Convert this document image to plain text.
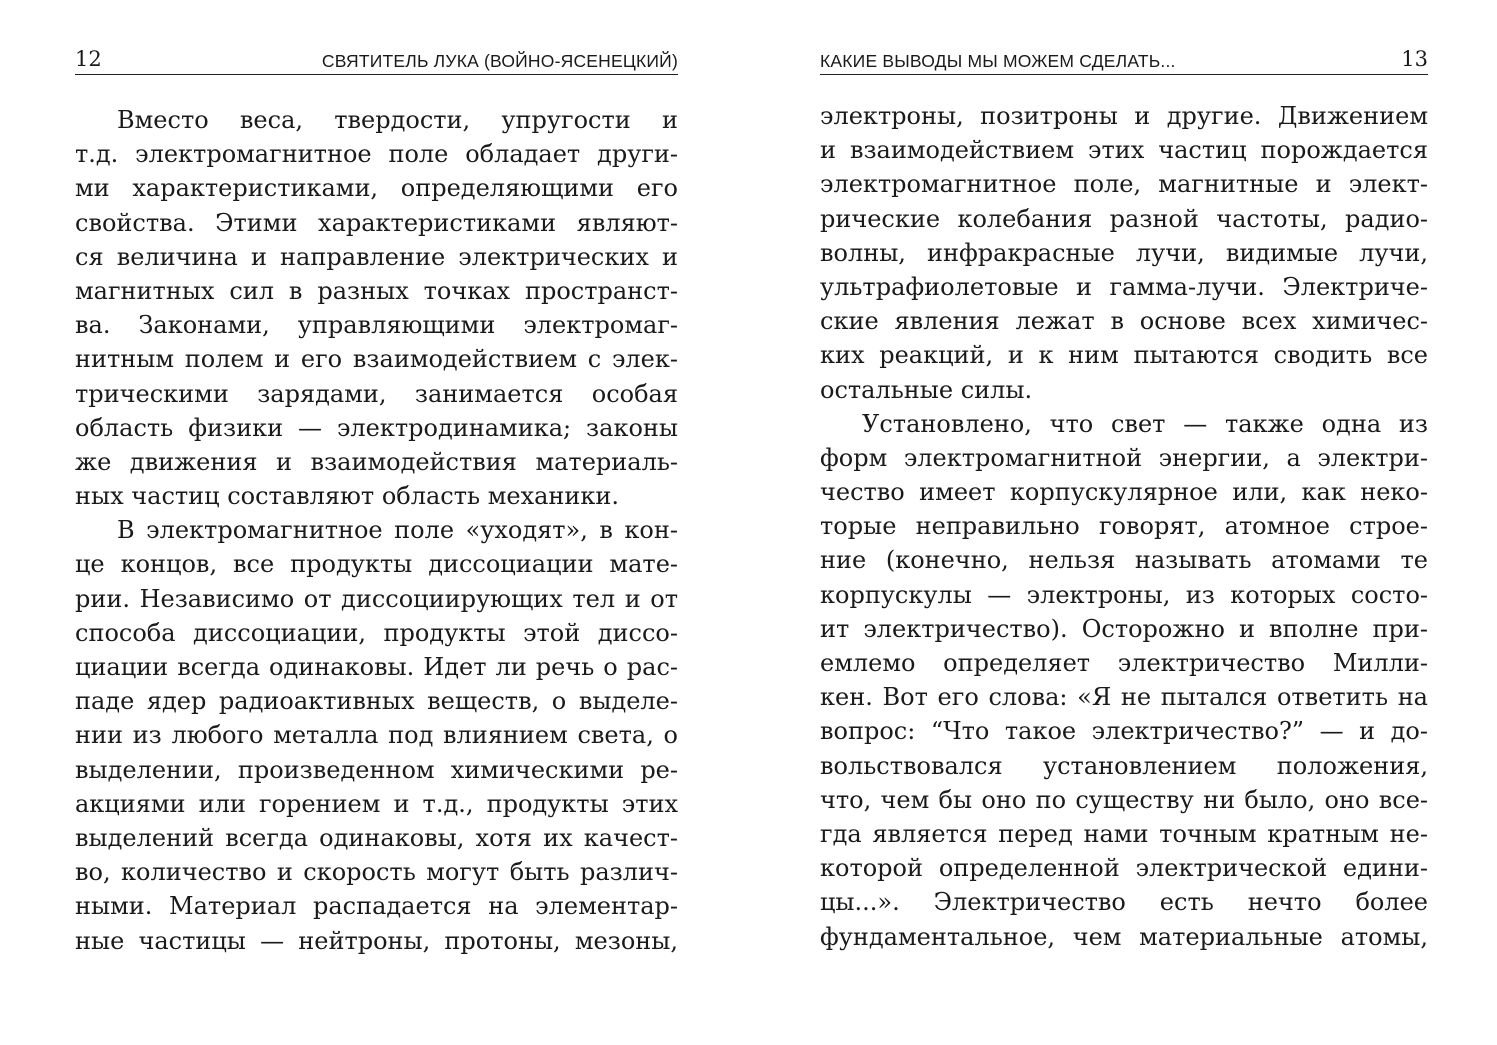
12	СВЯТИТЕЛЬ ЛУКА (ВОЙНО-ЯСЕНЕЦКИЙ)
Вместо веса, твердости, упругости и
т.д. электромагнитное поле обладает други-
ми характеристиками, определяющими его
свойства. Этими характеристиками являют-
ся величина и направление электрических и
магнитных сил в разных точках пространст-
ва. Законами, управляющими электромаг-
нитным полем и его взаимодействием с элек-
трическими зарядами, занимается особая
область физики — электродинамика; законы
же движения и взаимодействия материаль-
ных частиц составляют область механики.
В электромагнитное поле «уходят», в кон-
це концов, все продукты диссоциации мате-
рии. Независимо от диссоциирующих тел и от
способа диссоциации, продукты этой диссо-
циации всегда одинаковы. Идет ли речь о рас-
паде ядер радиоактивных веществ, о выделе-
нии из любого металла под влиянием света, о
выделении, произведенном химическими ре-
акциями или горением и т.д., продукты этих
выделений всегда одинаковы, хотя их качест-
во, количество и скорость могут быть различ-
ными. Материал распадается на элементар-
ные частицы — нейтроны, протоны, мезоны,
КАКИЕ ВЫВОДЫ МЫ МОЖЕМ СДЕЛАТЬ...	13
электроны, позитроны и другие. Движением
и взаимодействием этих частиц порождается
электромагнитное поле, магнитные и элект-
рические колебания разной частоты, радио-
волны, инфракрасные лучи, видимые лучи,
ультрафиолетовые и гамма-лучи. Электриче-
ские явления лежат в основе всех химичес-
ких реакций, и к ним пытаются сводить все
остальные силы.
Установлено, что свет — также одна из
форм электромагнитной энергии, а электри-
чество имеет корпускулярное или, как неко-
торые неправильно говорят, атомное строе-
ние (конечно, нельзя называть атомами те
корпускулы — электроны, из которых состо-
ит электричество). Осторожно и вполне при-
емлемо определяет электричество Милли-
кен. Вот его слова: «Я не пытался ответить на
вопрос: “Что такое электричество?” — и до-
вольствовался установлением положения,
что, чем бы оно по существу ни было, оно все-
гда является перед нами точным кратным не-
которой определенной электрической едини-
цы...». Электричество есть нечто более
фундаментальное, чем материальные атомы,
